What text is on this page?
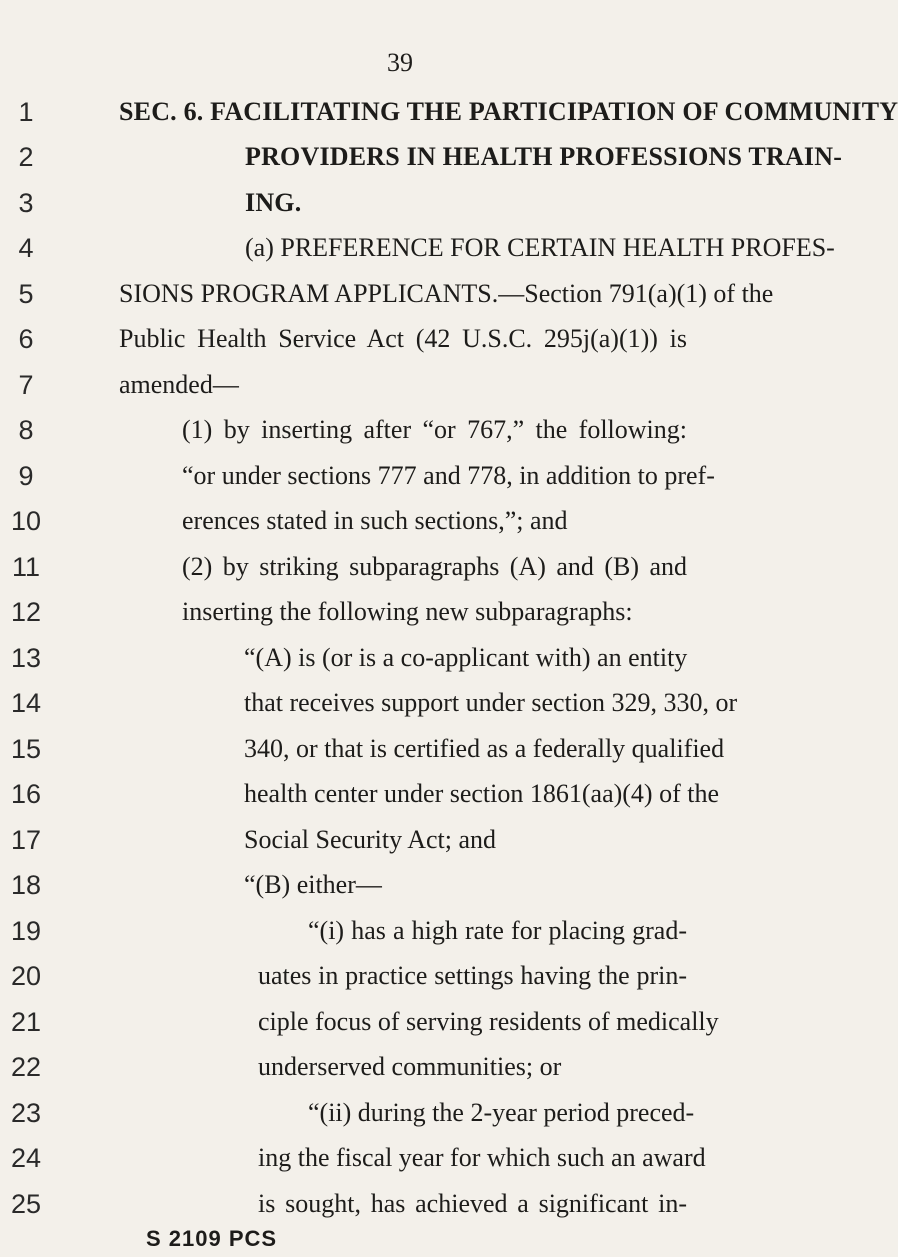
39
1
2
3
4
5
6
7
8
9
10
11
12
13
14
15
16
17
18
19
20
21
22
23
24
25
SEC. 6. FACILITATING THE PARTICIPATION OF COMMUNITY
PROVIDERS IN HEALTH PROFESSIONS TRAIN-
ING.
(a) PREFERENCE FOR CERTAIN HEALTH PROFES-
SIONS PROGRAM APPLICANTS.—Section 791(a)(1) of the
Public Health Service Act (42 U.S.C. 295j(a)(1)) is
amended—
(1) by inserting after “or 767,” the following:
“or under sections 777 and 778, in addition to pref-
erences stated in such sections,”; and
(2) by striking subparagraphs (A) and (B) and
inserting the following new subparagraphs:
“(A) is (or is a co-applicant with) an entity
that receives support under section 329, 330, or
340, or that is certified as a federally qualified
health center under section 1861(aa)(4) of the
Social Security Act; and
“(B) either—
“(i) has a high rate for placing grad-
uates in practice settings having the prin-
ciple focus of serving residents of medically
underserved communities; or
“(ii) during the 2-year period preced-
ing the fiscal year for which such an award
is sought, has achieved a significant in-
S 2109 PCS
